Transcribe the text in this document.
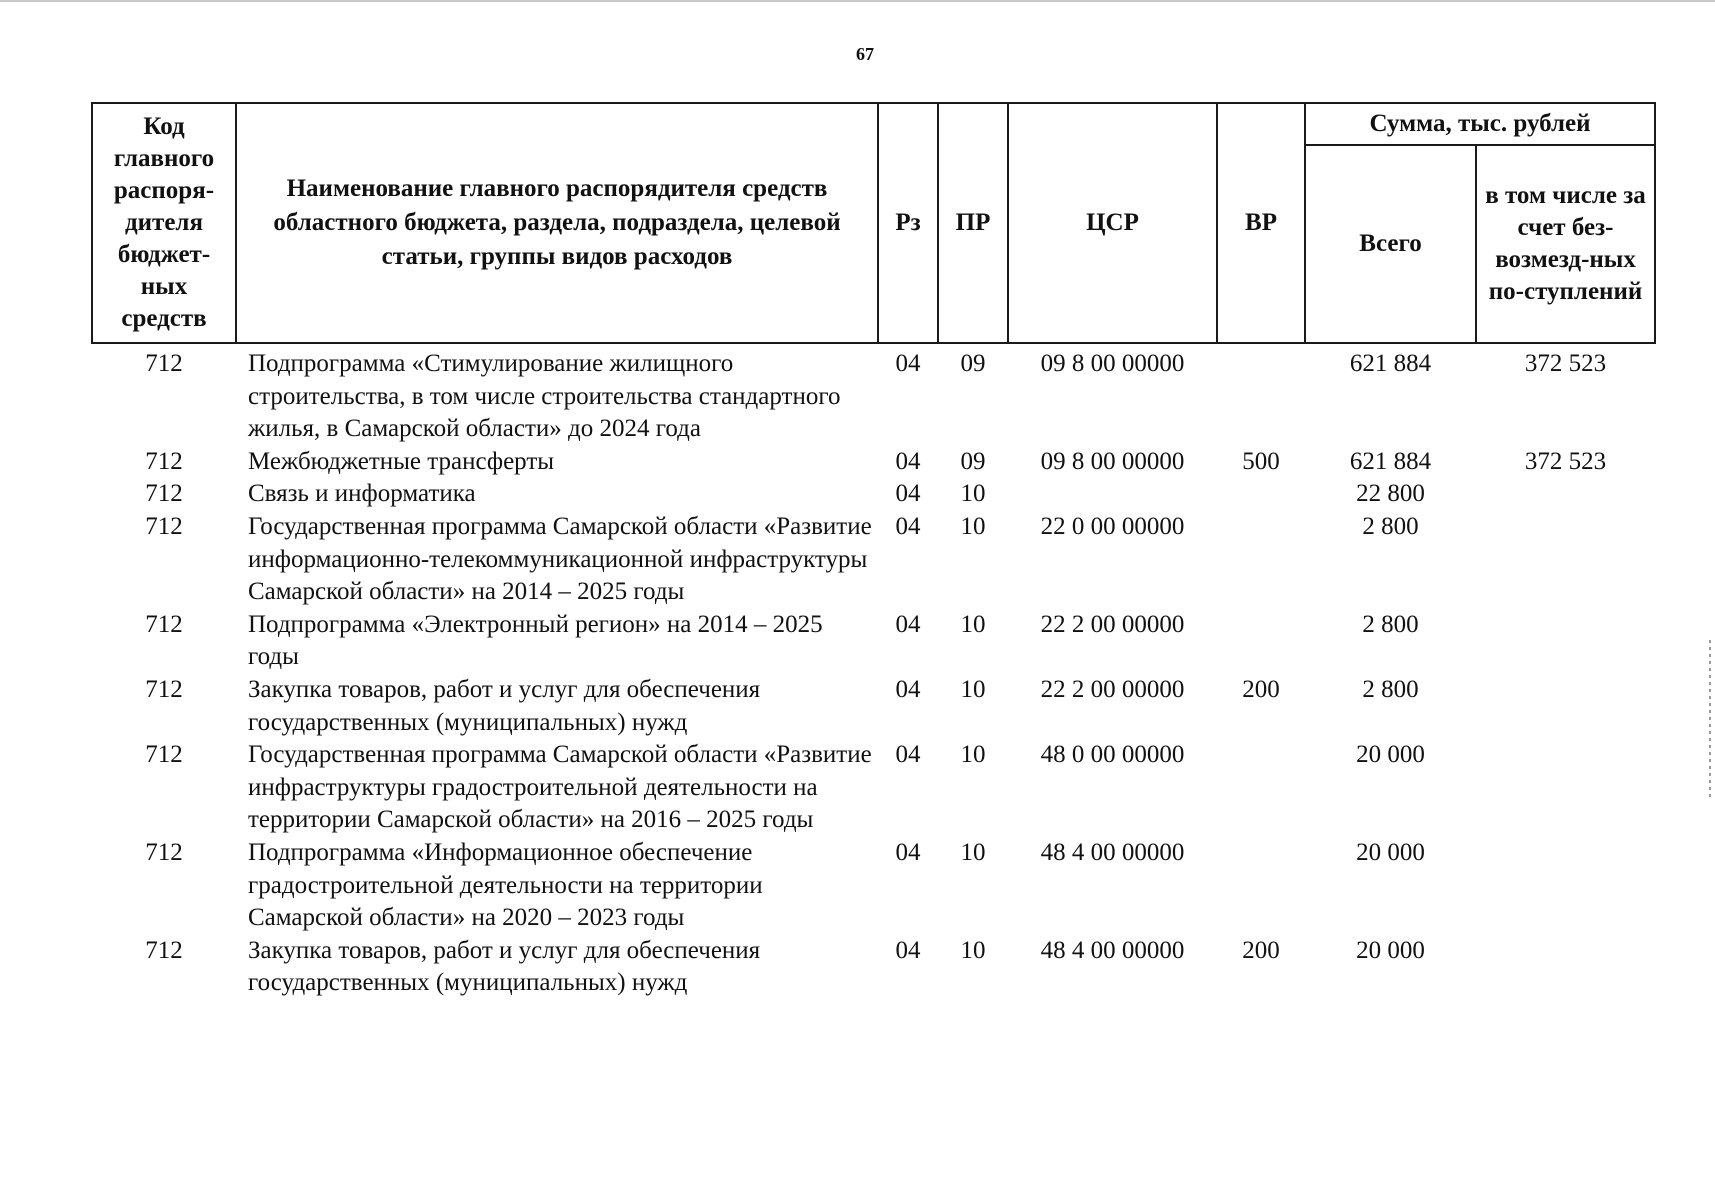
67
Код главного распоря-дителя бюджет-ных средств	Наименование главного распорядителя средств областного бюджета, раздела, подраздела, целевой статьи, группы видов расходов	Рз	ПР	ЦСР	ВР	Сумма, тыс. рублей	
						Всего	в том числе за счет без-возмезд-ных по-ступлений
712	Подпрограмма «Стимулирование жилищного строительства, в том числе строительства стандартного жилья, в Самарской области» до 2024 года	04	09	09 8 00 00000		621 884	372 523
712	Межбюджетные трансферты	04	09	09 8 00 00000	500	621 884	372 523
712	Связь и информатика	04	10			22 800	
712	Государственная программа Самарской области «Развитие информационно-телекоммуникационной инфраструктуры Самарской области» на 2014 – 2025 годы	04	10	22 0 00 00000		2 800	
712	Подпрограмма «Электронный регион» на 2014 – 2025 годы	04	10	22 2 00 00000		2 800	
712	Закупка товаров, работ и услуг для обеспечения государственных (муниципальных) нужд	04	10	22 2 00 00000	200	2 800	
712	Государственная программа Самарской области «Развитие инфраструктуры градостроительной деятельности на территории Самарской области» на 2016 – 2025 годы	04	10	48 0 00 00000		20 000	
712	Подпрограмма «Информационное обеспечение градостроительной деятельности на территории Самарской области» на 2020 – 2023 годы	04	10	48 4 00 00000		20 000	
712	Закупка товаров, работ и услуг для обеспечения государственных (муниципальных) нужд	04	10	48 4 00 00000	200	20 000	
